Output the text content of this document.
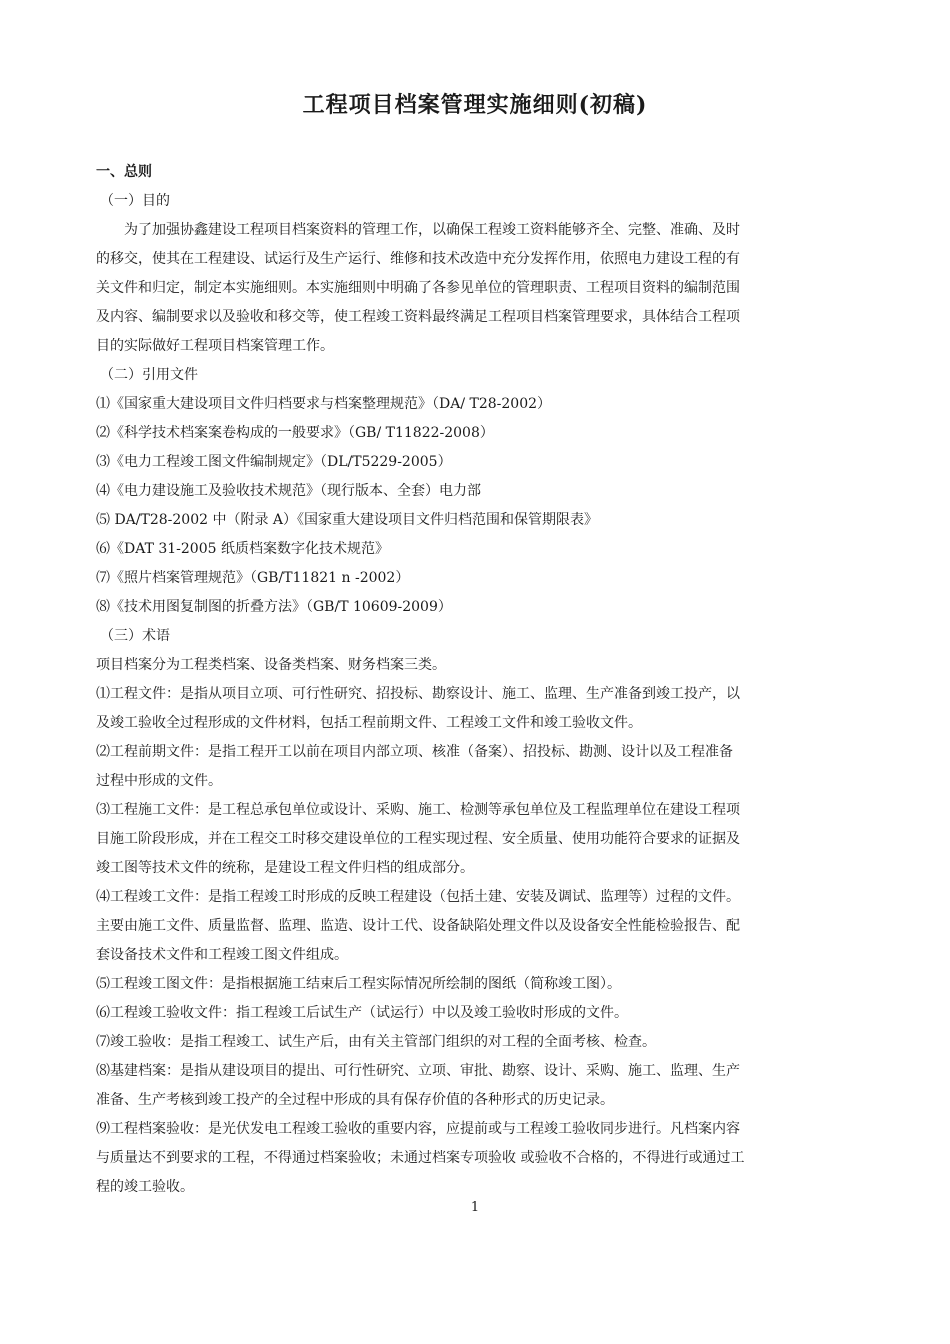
工程项目档案管理实施细则(初稿)
一、总则
（一）目的
为了加强协鑫建设工程项目档案资料的管理工作，以确保工程竣工资料能够齐全、完整、准确、及时
的移交，使其在工程建设、试运行及生产运行、维修和技术改造中充分发挥作用，依照电力建设工程的有
关文件和归定，制定本实施细则。本实施细则中明确了各参见单位的管理职责、工程项目资料的编制范围
及内容、编制要求以及验收和移交等，使工程竣工资料最终满足工程项目档案管理要求，具体结合工程项
目的实际做好工程项目档案管理工作。
（二）引用文件
⑴《国家重大建设项目文件归档要求与档案整理规范》（DA/ T28-2002）
⑵《科学技术档案案卷构成的一般要求》（GB/ T11822-2008）
⑶《电力工程竣工图文件编制规定》（DL/T5229-2005）
⑷《电力建设施工及验收技术规范》（现行版本、全套）电力部
⑸ DA/T28-2002 中（附录 A）《国家重大建设项目文件归档范围和保管期限表》
⑹《DAT 31-2005 纸质档案数字化技术规范》
⑺《照片档案管理规范》（GB/T11821 n -2002）
⑻《技术用图复制图的折叠方法》（GB/T 10609-2009）
（三）术语
项目档案分为工程类档案、设备类档案、财务档案三类。
⑴工程文件：是指从项目立项、可行性研究、招投标、勘察设计、施工、监理、生产准备到竣工投产，以
及竣工验收全过程形成的文件材料，包括工程前期文件、工程竣工文件和竣工验收文件。
⑵工程前期文件：是指工程开工以前在项目内部立项、核准（备案）、招投标、勘测、设计以及工程准备
过程中形成的文件。
⑶工程施工文件：是工程总承包单位或设计、采购、施工、检测等承包单位及工程监理单位在建设工程项
目施工阶段形成，并在工程交工时移交建设单位的工程实现过程、安全质量、使用功能符合要求的证据及
竣工图等技术文件的统称，是建设工程文件归档的组成部分。
⑷工程竣工文件：是指工程竣工时形成的反映工程建设（包括土建、安装及调试、监理等）过程的文件。
主要由施工文件、质量监督、监理、监造、设计工代、设备缺陷处理文件以及设备安全性能检验报告、配
套设备技术文件和工程竣工图文件组成。
⑸工程竣工图文件：是指根据施工结束后工程实际情况所绘制的图纸（简称竣工图）。
⑹工程竣工验收文件：指工程竣工后试生产（试运行）中以及竣工验收时形成的文件。
⑺竣工验收：是指工程竣工、试生产后，由有关主管部门组织的对工程的全面考核、检查。
⑻基建档案：是指从建设项目的提出、可行性研究、立项、审批、勘察、设计、采购、施工、监理、生产
准备、生产考核到竣工投产的全过程中形成的具有保存价值的各种形式的历史记录。
⑼工程档案验收：是光伏发电工程竣工验收的重要内容，应提前或与工程竣工验收同步进行。凡档案内容
与质量达不到要求的工程，不得通过档案验收；未通过档案专项验收 或验收不合格的，不得进行或通过工
程的竣工验收。
1
